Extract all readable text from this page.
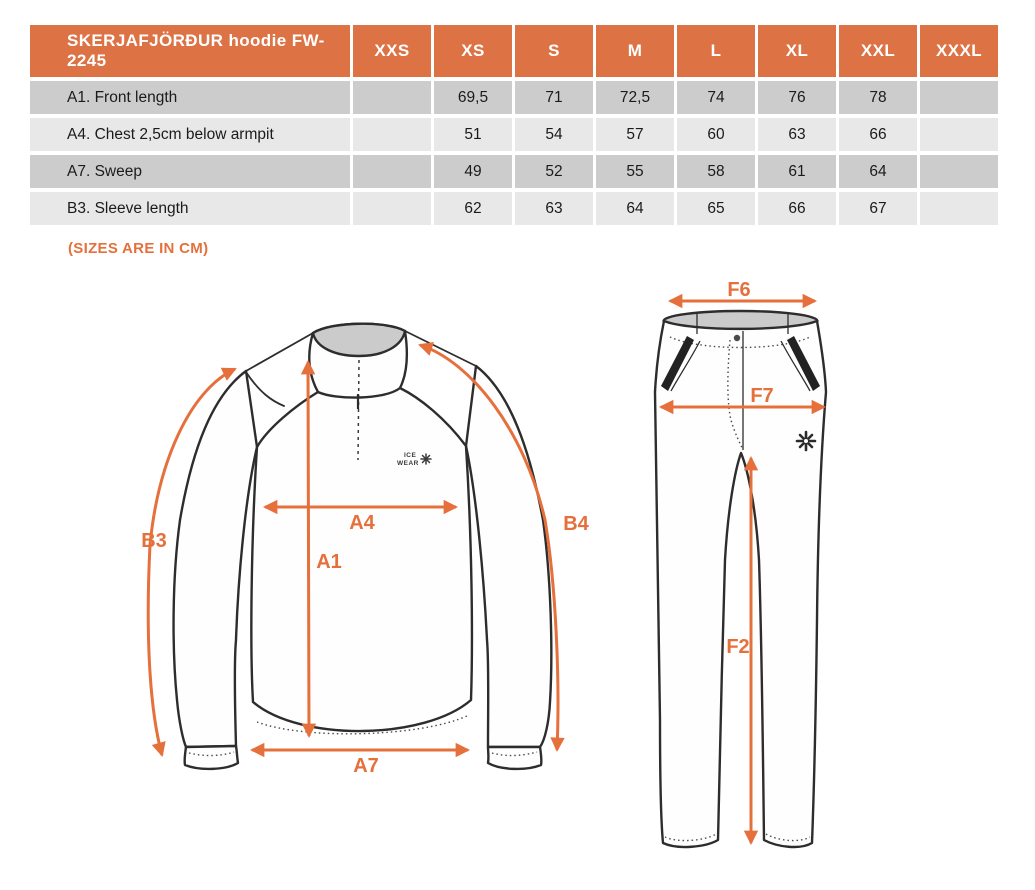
SKERJAFJÖRÐUR hoodie FW-2245	XXS	XS	S	M	L	XL	XXL	XXXL
A1. Front length		69,5	71	72,5	74	76	78	
A4. Chest 2,5cm below armpit		51	54	57	60	63	66	
A7. Sweep		49	52	55	58	61	64	
B3. Sleeve length		62	63	64	65	66	67	
(SIZES ARE IN CM)
ICE
WEAR
B3
B4
A4
A1
A7
F6
F7
F2
